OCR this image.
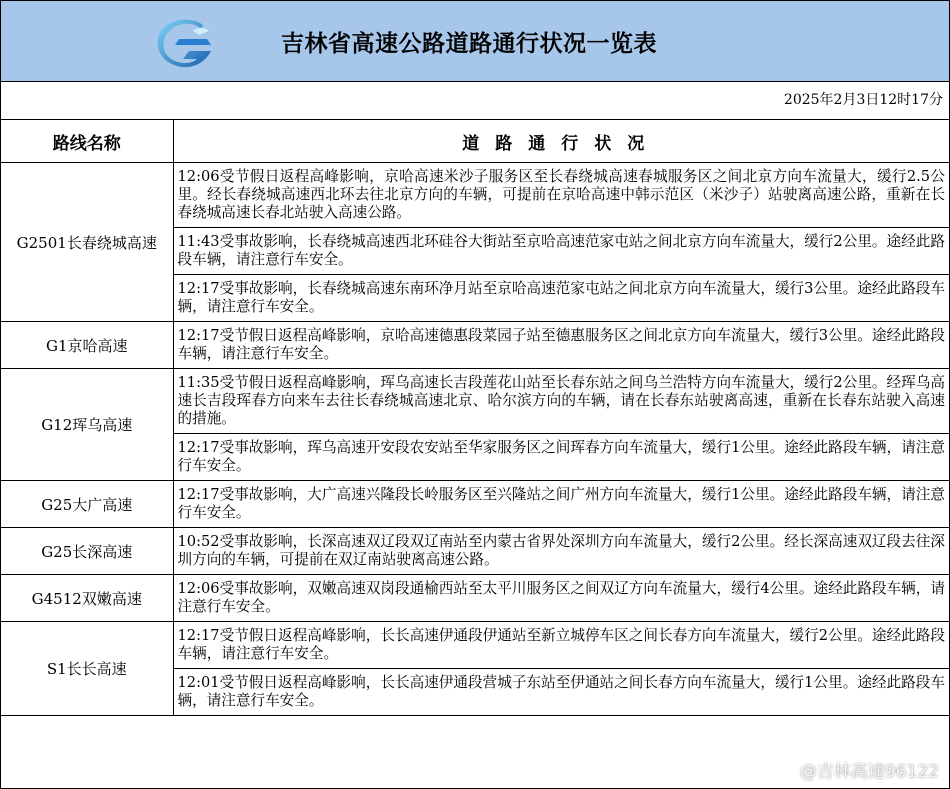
吉林省高速公路道路通行状况一览表
2025年2月3日12时17分
路线名称	道路通行状况
G2501长春绕城高速	12:06受节假日返程高峰影响，京哈高速米沙子服务区至长春绕城高速春城服务区之间北京方向车流量大，缓行2.5公里。经长春绕城高速西北环去往北京方向的车辆，可提前在京哈高速中韩示范区（米沙子）站驶离高速公路，重新在长春绕城高速长春北站驶入高速公路。
	11:43受事故影响，长春绕城高速西北环硅谷大街站至京哈高速范家屯站之间北京方向车流量大，缓行2公里。途经此路段车辆，请注意行车安全。
	12:17受事故影响，长春绕城高速东南环净月站至京哈高速范家屯站之间北京方向车流量大，缓行3公里。途经此路段车辆，请注意行车安全。
G1京哈高速	12:17受节假日返程高峰影响，京哈高速德惠段菜园子站至德惠服务区之间北京方向车流量大，缓行3公里。途经此路段车辆，请注意行车安全。
G12珲乌高速	11:35受节假日返程高峰影响，珲乌高速长吉段莲花山站至长春东站之间乌兰浩特方向车流量大，缓行2公里。经珲乌高速长吉段珲春方向来车去往长春绕城高速北京、哈尔滨方向的车辆，请在长春东站驶离高速，重新在长春东站驶入高速的措施。
	12:17受事故影响，珲乌高速开安段农安站至华家服务区之间珲春方向车流量大，缓行1公里。途经此路段车辆，请注意行车安全。
G25大广高速	12:17受事故影响，大广高速兴隆段长岭服务区至兴隆站之间广州方向车流量大，缓行1公里。途经此路段车辆，请注意行车安全。
G25长深高速	10:52受事故影响，长深高速双辽段双辽南站至内蒙古省界处深圳方向车流量大，缓行2公里。经长深高速双辽段去往深圳方向的车辆，可提前在双辽南站驶离高速公路。
G4512双嫩高速	12:06受事故影响，双嫩高速双岗段通榆西站至太平川服务区之间双辽方向车流量大，缓行4公里。途经此路段车辆，请注意行车安全。
S1长长高速	12:17受节假日返程高峰影响，长长高速伊通段伊通站至新立城停车区之间长春方向车流量大，缓行2公里。途经此路段车辆，请注意行车安全。
	12:01受节假日返程高峰影响，长长高速伊通段营城子东站至伊通站之间长春方向车流量大，缓行1公里。途经此路段车辆，请注意行车安全。
@吉林高速96122
